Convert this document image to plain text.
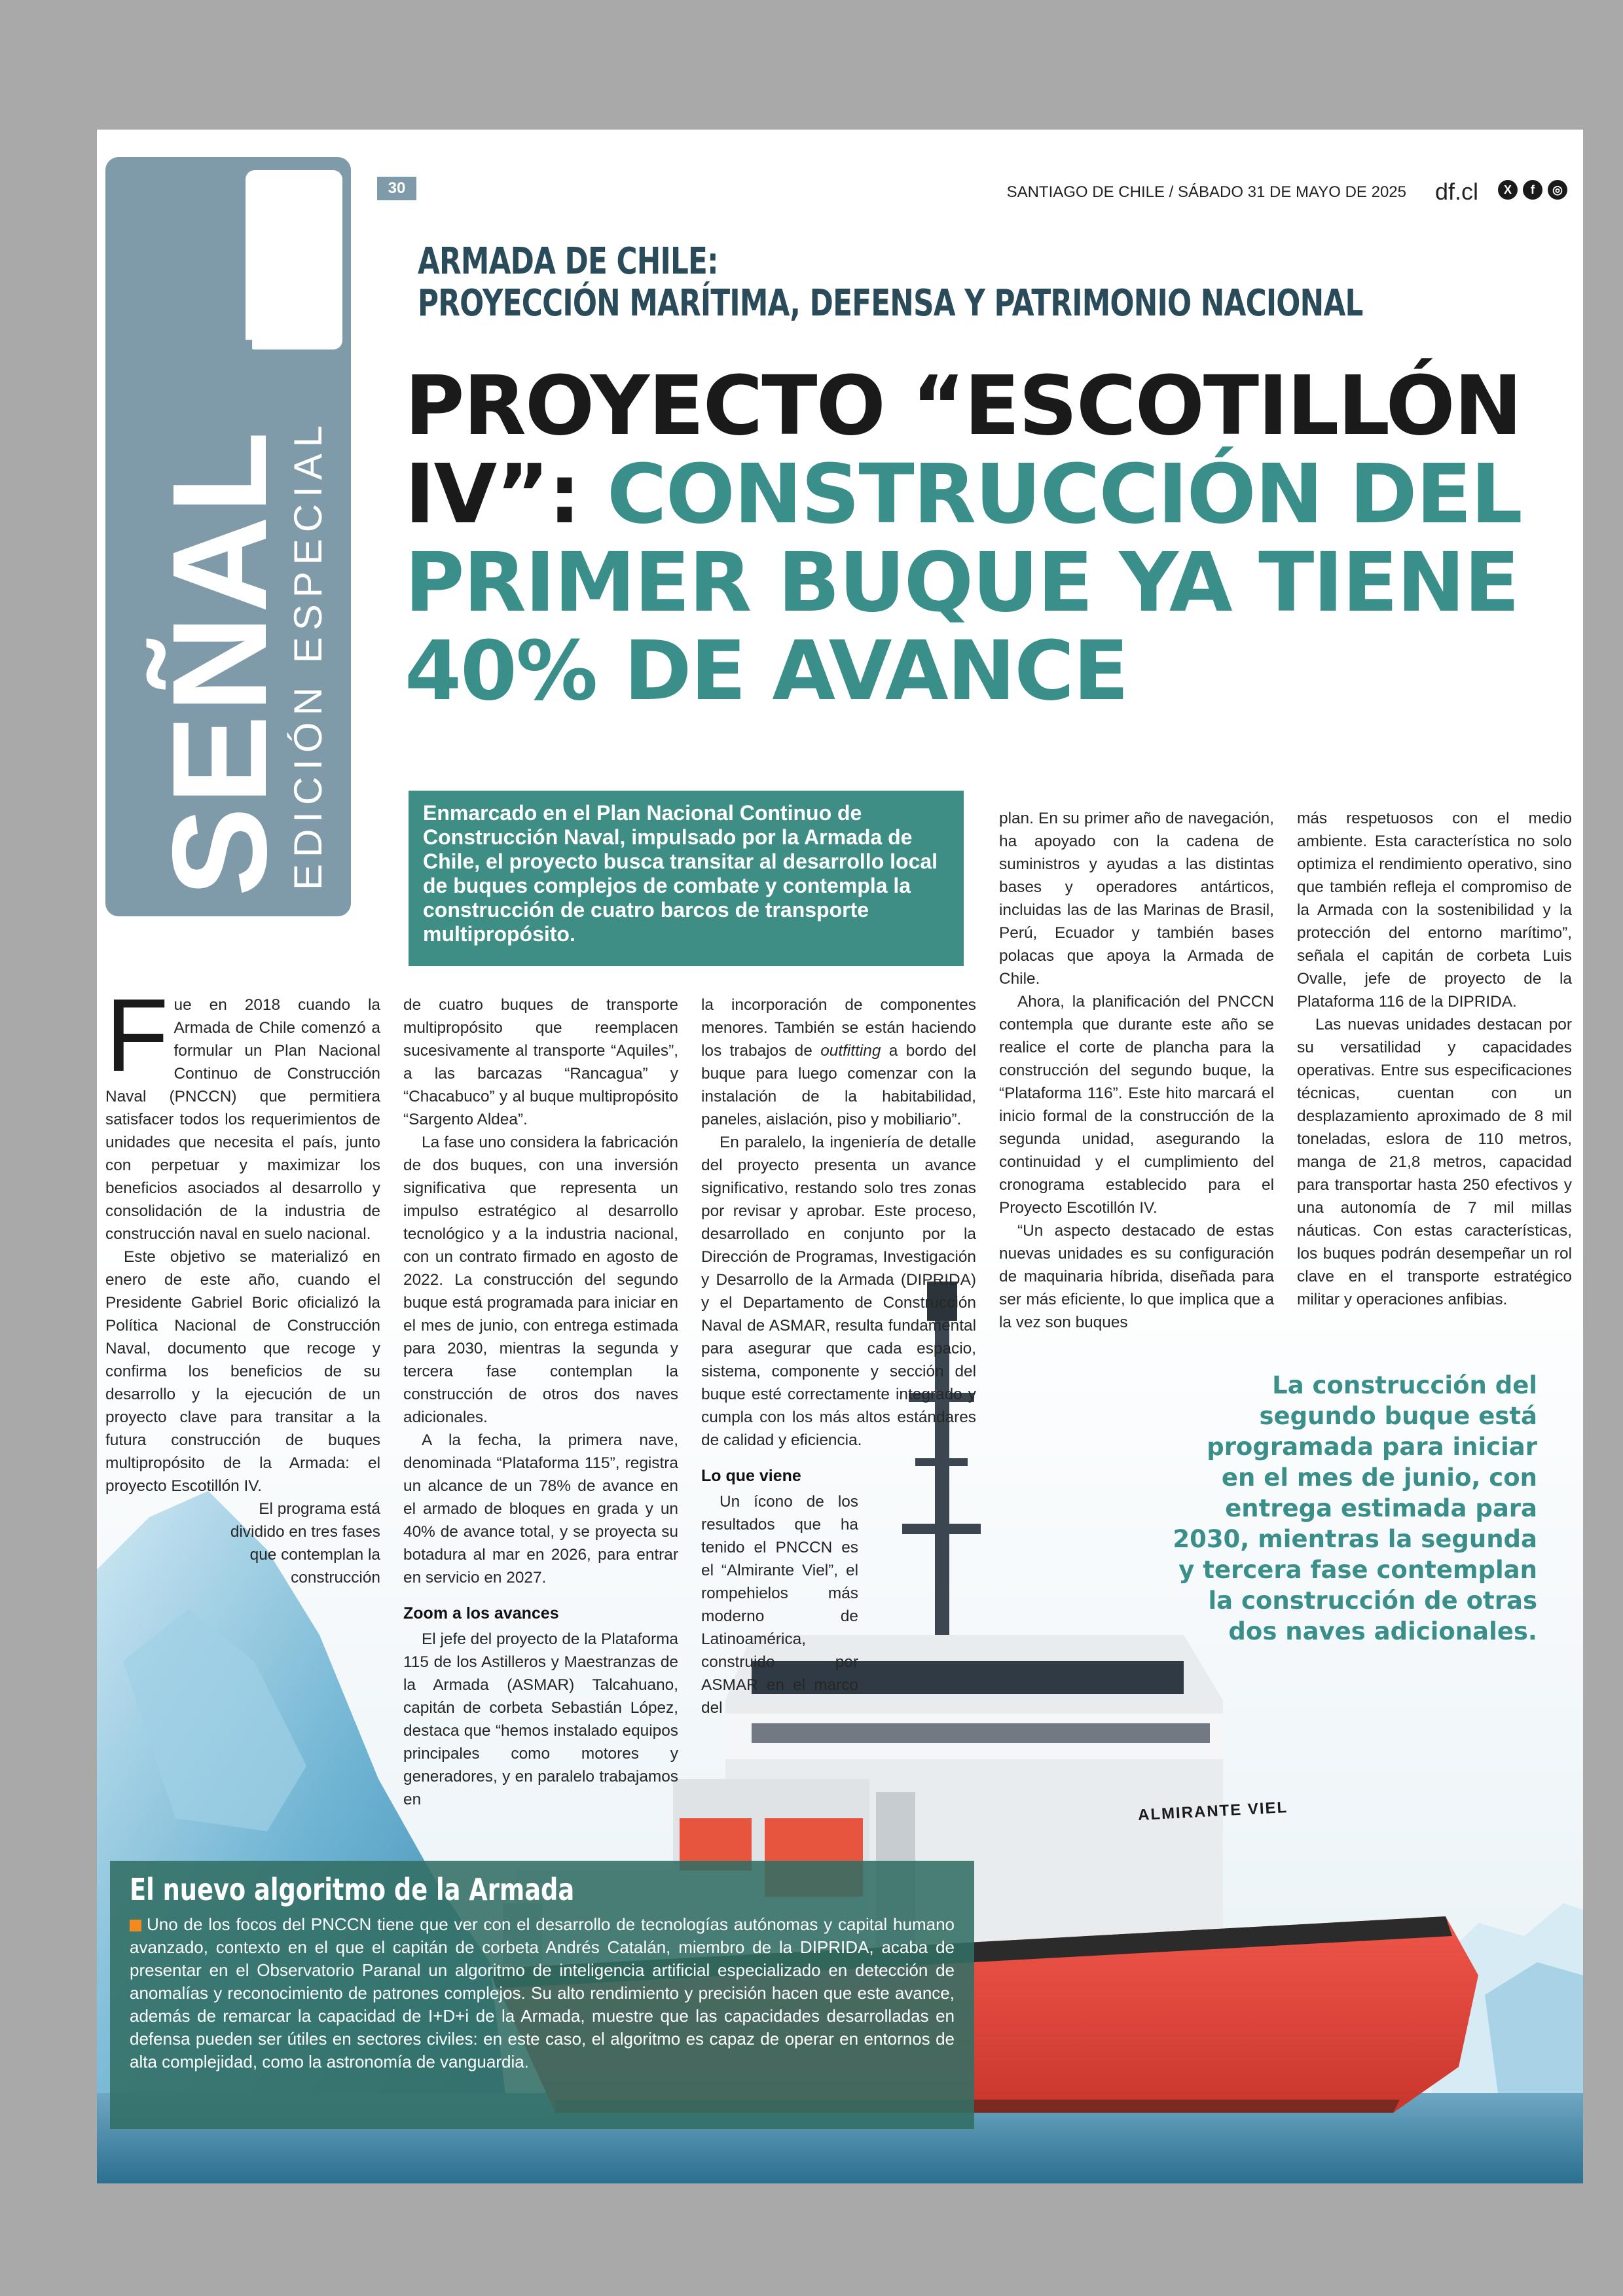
ALMIRANTE VIEL
DF
SEÑAL
EDICIÓN ESPECIAL
30	SANTIAGO DE CHILE / SÁBADO 31 DE MAYO DE 2025 df.cl	X	f	◎
ARMADA DE CHILE:
PROYECCIÓN MARÍTIMA, DEFENSA Y PATRIMONIO NACIONAL
PROYECTO “ESCOTILLÓN IV”: CONSTRUCCIÓN DEL PRIMER BUQUE YA TIENE 40% DE AVANCE
Enmarcado en el Plan Nacional Continuo de Construcción Naval, impulsado por la Armada de Chile, el proyecto busca transitar al desarrollo local de buques complejos de combate y contempla la construcción de cuatro barcos de transporte multipropósito.

Fue en 2018 cuando la Armada de Chile comenzó a formular un Plan Nacional Continuo de Construcción Naval (PNCCN) que permitiera satisfacer todos los requerimientos de unidades que necesita el país, junto con perpetuar y maximizar los beneficios asociados al desarrollo y consolidación de la industria de construcción naval en suelo nacional.

Este objetivo se materializó en enero de este año, cuando el Presidente Gabriel Boric oficializó la Política Nacional de Construcción Naval, documento que recoge y confirma los beneficios de su desarrollo y la ejecución de un proyecto clave para transitar a la futura construcción de buques multipropósito de la Armada: el proyecto Escotillón IV.

El programa está dividido en tres fases que contemplan la construcción

de cuatro buques de transporte multipropósito que reemplacen sucesivamente al transporte “Aquiles”, a las barcazas “Rancagua” y “Chacabuco” y al buque multipropósito “Sargento Aldea”.

La fase uno considera la fabricación de dos buques, con una inversión significativa que representa un impulso estratégico al desarrollo tecnológico y a la industria nacional, con un contrato firmado en agosto de 2022. La construcción del segundo buque está programada para iniciar en el mes de junio, con entrega estimada para 2030, mientras la segunda y tercera fase contemplan la construcción de otros dos naves adicionales.

A la fecha, la primera nave, denominada “Plataforma 115”, registra un alcance de un 78% de avance en el armado de bloques en grada y un 40% de avance total, y se proyecta su botadura al mar en 2026, para entrar en servicio en 2027.

Zoom a los avances

El jefe del proyecto de la Plataforma 115 de los Astilleros y Maestranzas de la Armada (ASMAR) Talcahuano, capitán de corbeta Sebastián López, destaca que “hemos instalado equipos principales como motores y generadores, y en paralelo trabajamos en

la incorporación de componentes menores. También se están haciendo los trabajos de outfitting a bordo del buque para luego comenzar con la instalación de la habitabilidad, paneles, aislación, piso y mobiliario”.

En paralelo, la ingeniería de detalle del proyecto presenta un avance significativo, restando solo tres zonas por revisar y aprobar. Este proceso, desarrollado en conjunto por la Dirección de Programas, Investigación y Desarrollo de la Armada (DIPRIDA) y el Departamento de Construcción Naval de ASMAR, resulta fundamental para asegurar que cada espacio, sistema, componente y sección del buque esté correctamente integrado y cumpla con los más altos estándares de calidad y eficiencia.

Lo que viene

Un ícono de los resultados que ha tenido el PNCCN es el “Almirante Viel”, el rompehielos más moderno de Latinoamérica, construido por ASMAR en el marco del

plan. En su primer año de navegación, ha apoyado con la cadena de suministros y ayudas a las distintas bases y operadores antárticos, incluidas las de las Marinas de Brasil, Perú, Ecuador y también bases polacas que apoya la Armada de Chile.

Ahora, la planificación del PNCCN contempla que durante este año se realice el corte de plancha para la construcción del segundo buque, la “Plataforma 116”. Este hito marcará el inicio formal de la construcción de la segunda unidad, asegurando la continuidad y el cumplimiento del cronograma establecido para el Proyecto Escotillón IV.

“Un aspecto destacado de estas nuevas unidades es su configuración de maquinaria híbrida, diseñada para ser más eficiente, lo que implica que a la vez son buques

más respetuosos con el medio ambiente. Esta característica no solo optimiza el rendimiento operativo, sino que también refleja el compromiso de la Armada con la sostenibilidad y la protección del entorno marítimo”, señala el capitán de corbeta Luis Ovalle, jefe de proyecto de la Plataforma 116 de la DIPRIDA.

Las nuevas unidades destacan por su versatilidad y capacidades operativas. Entre sus especificaciones técnicas, cuentan con un desplazamiento aproximado de 8 mil toneladas, eslora de 110 metros, manga de 21,8 metros, capacidad para transportar hasta 250 efectivos y una autonomía de 7 mil millas náuticas. Con estas características, los buques podrán desempeñar un rol clave en el transporte estratégico militar y operaciones anfibias.

La construcción del segundo buque está programada para iniciar en el mes de junio, con entrega estimada para 2030, mientras la segunda y tercera fase contemplan la construcción de otras dos naves adicionales.
El nuevo algoritmo de la Armada

Uno de los focos del PNCCN tiene que ver con el desarrollo de tecnologías autónomas y capital humano avanzado, contexto en el que el capitán de corbeta Andrés Catalán, miembro de la DIPRIDA, acaba de presentar en el Observatorio Paranal un algoritmo de inteligencia artificial especializado en detección de anomalías y reconocimiento de patrones complejos. Su alto rendimiento y precisión hacen que este avance, además de remarcar la capacidad de I+D+i de la Armada, muestre que las capacidades desarrolladas en defensa pueden ser útiles en sectores civiles: en este caso, el algoritmo es capaz de operar en entornos de alta complejidad, como la astronomía de vanguardia.
